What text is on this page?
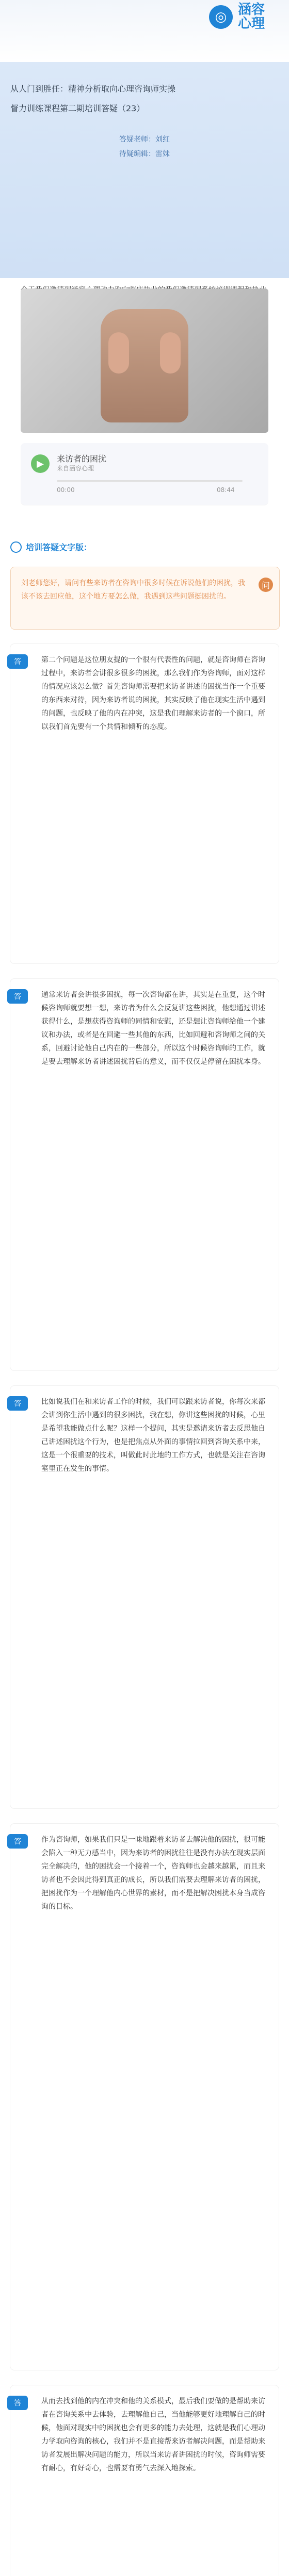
◎ 涵容
心理
从人门到胜任：精神分析取向心理咨询师实操
督力训练课程第二期培训答疑（23）
答疑老师：刘红
待疑编辑：雷妹
▶	来访者的困扰
来自涵容心理
00:00	08:44
培训答疑文字版：
刘老师您好，请问有些来访者在咨询中很多时候在诉说他们的困扰，我该不该去回应他，这个地方要怎么做，我遇到这些问题挺困扰的。
问
答	第二个问题是这位朋友提的一个很有代表性的问题，就是咨询师在咨询过程中，来访者会讲很多很多的困扰，那么我们作为咨询师，面对这样的情况应该怎么做？首先咨询师需要把来访者讲述的困扰当作一个重要的东西来对待，因为来访者说的困扰，其实反映了他在现实生活中遇到的问题，也反映了他的内在冲突，这是我们理解来访者的一个窗口，所以我们首先要有一个共情和倾听的态度。
答	通常来访者会讲很多困扰，每一次咨询都在讲，其实是在重复，这个时候咨询师就要想一想，来访者为什么会反复讲这些困扰，他想通过讲述获得什么，是想获得咨询师的同情和安慰，还是想让咨询师给他一个建议和办法，或者是在回避一些其他的东西，比如回避和咨询师之间的关系，回避讨论他自己内在的一些部分，所以这个时候咨询师的工作，就是要去理解来访者讲述困扰背后的意义，而不仅仅是停留在困扰本身。
答	比如说我们在和来访者工作的时候，我们可以跟来访者说，你每次来都会讲到你生活中遇到的很多困扰，我在想，你讲这些困扰的时候，心里是希望我能做点什么呢？这样一个提问，其实是邀请来访者去反思他自己讲述困扰这个行为，也是把焦点从外面的事情拉回到咨询关系中来，这是一个很重要的技术，叫做此时此地的工作方式，也就是关注在咨询室里正在发生的事情。
答	作为咨询师，如果我们只是一味地跟着来访者去解决他的困扰，很可能会陷入一种无力感当中，因为来访者的困扰往往是没有办法在现实层面完全解决的，他的困扰会一个接着一个，咨询师也会越来越累，而且来访者也不会因此得到真正的成长，所以我们需要去理解来访者的困扰，把困扰作为一个理解他内心世界的素材，而不是把解决困扰本身当成咨询的目标。
答	从而去找到他的内在冲突和他的关系模式，最后我们要做的是帮助来访者在咨询关系中去体验，去理解他自己，当他能够更好地理解自己的时候，他面对现实中的困扰也会有更多的能力去处理，这就是我们心理动力学取向咨询的核心，我们并不是直接帮来访者解决问题，而是帮助来访者发展出解决问题的能力，所以当来访者讲困扰的时候，咨询师需要有耐心，有好奇心，也需要有勇气去深入地探索。
